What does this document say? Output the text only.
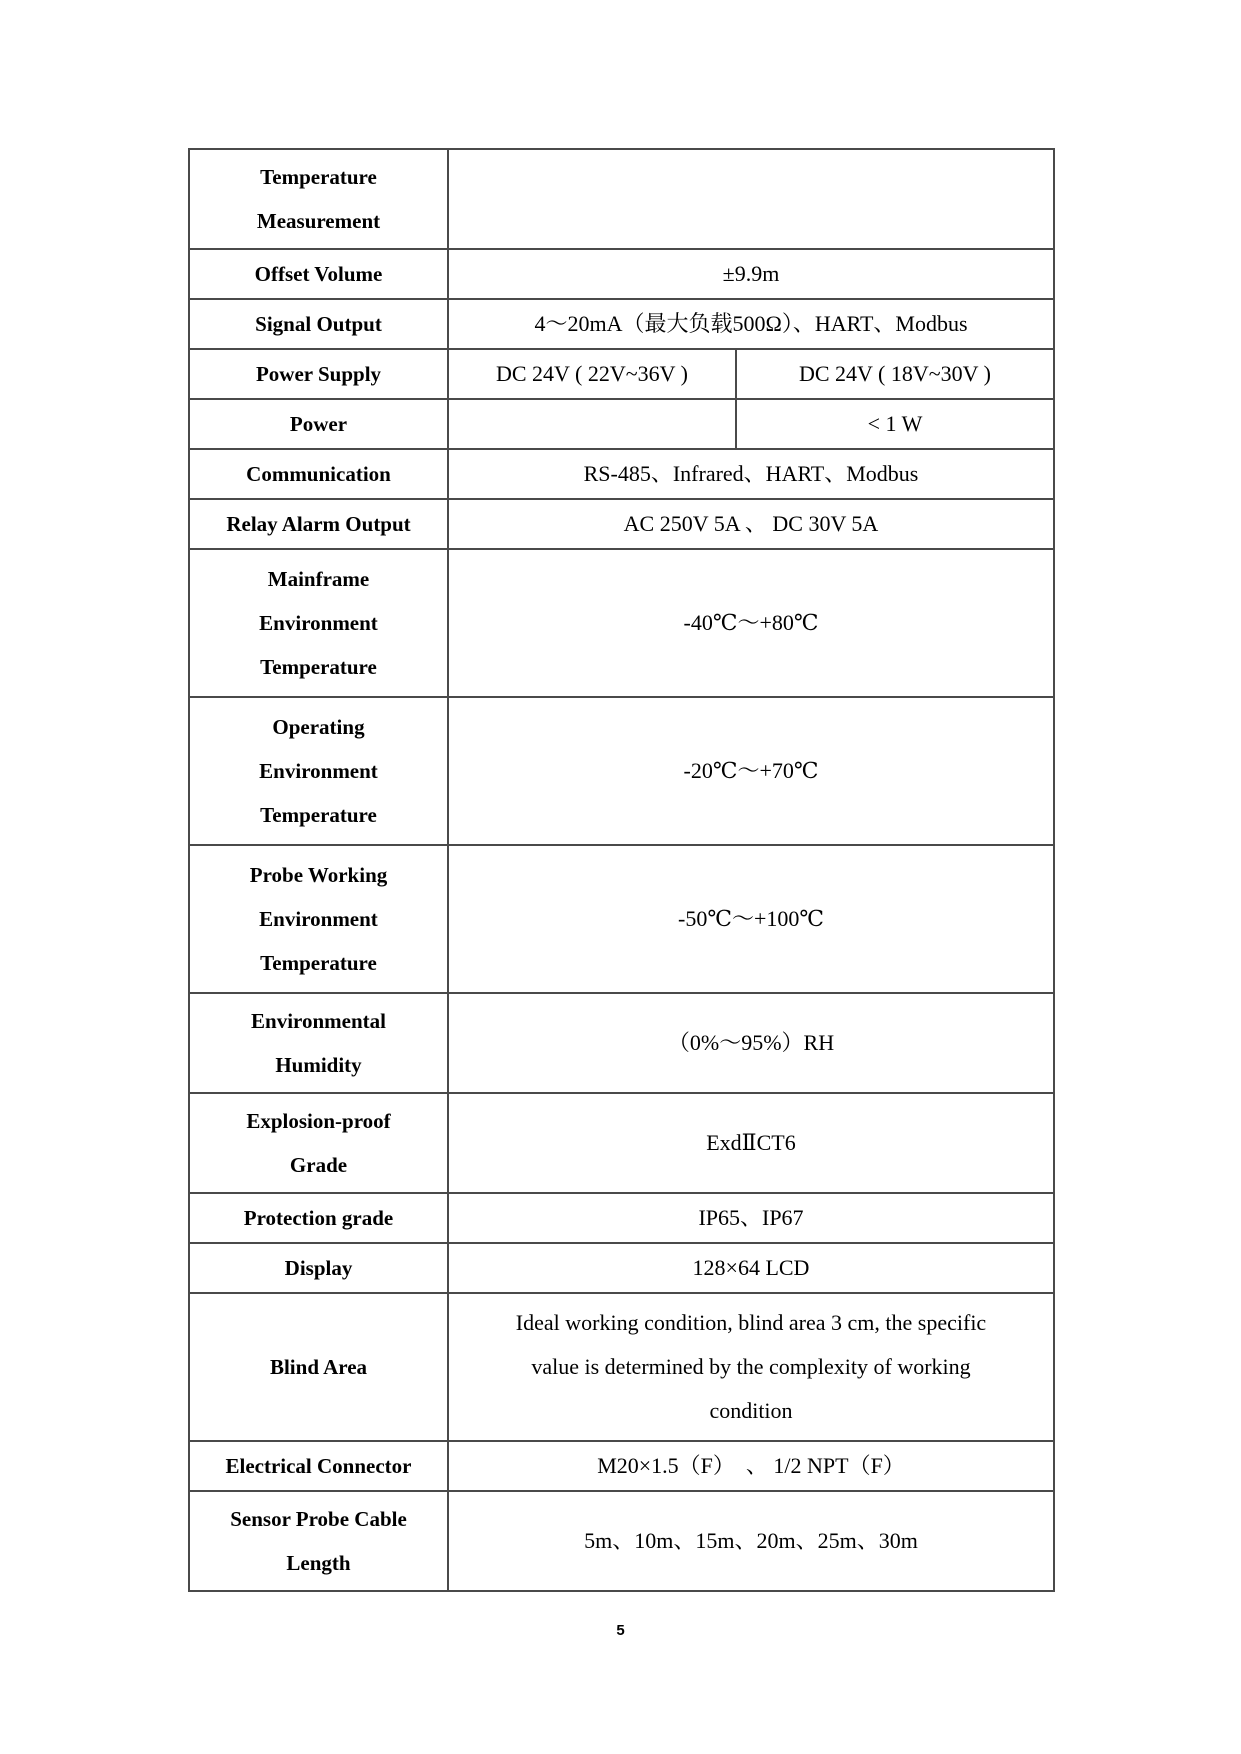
Temperature Measurement		
Offset Volume	±9.9m	
Signal Output	4～20mA（最大负载500Ω）、HART、Modbus	
Power Supply	DC 24V ( 22V~36V )	DC 24V ( 18V~30V )
Power		< 1 W
Communication	RS-485、Infrared、HART、Modbus	
Relay Alarm Output	AC 250V 5A 、 DC 30V 5A	
Mainframe Environment Temperature	-40℃～+80℃	
Operating Environment Temperature	-20℃～+70℃	
Probe Working Environment Temperature	-50℃～+100℃	
Environmental Humidity	（0%～95%）RH	
Explosion-proof Grade	ExdⅡCT6	
Protection grade	IP65、IP67	
Display	128×64 LCD	
Blind Area	Ideal working condition, blind area 3 cm, the specific value is determined by the complexity of working condition	
Electrical Connector	M20×1.5（F）　、 1/2 NPT（F）	
Sensor Probe Cable Length	5m、10m、15m、20m、25m、30m	
5
